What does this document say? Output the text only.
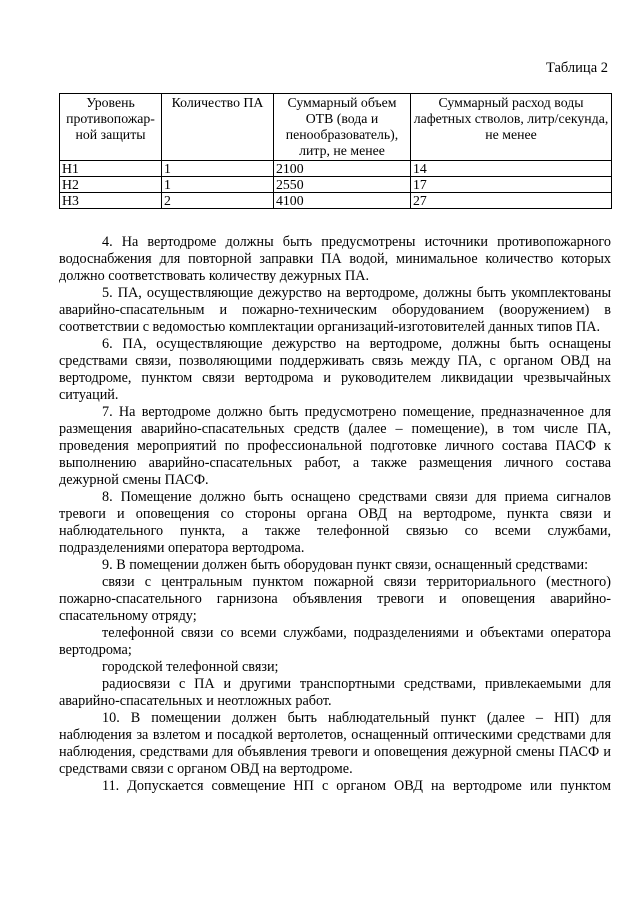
Таблица 2
Уровень противопожар-ной защиты	Количество ПА	Суммарный объем ОТВ (вода и пенообразователь), литр, не менее	Суммарный расход воды лафетных стволов, литр/секунда, не менее
Н1	1	2100	14
Н2	1	2550	17
Н3	2	4100	27

4. На вертодроме должны быть предусмотрены источники противопожарного водоснабжения для повторной заправки ПА водой, минимальное количество которых должно соответствовать количеству дежурных ПА.

5. ПА, осуществляющие дежурство на вертодроме, должны быть укомплектованы аварийно-спасательным и пожарно-техническим оборудованием (вооружением) в соответствии с ведомостью комплектации организаций-изготовителей данных типов ПА.

6. ПА, осуществляющие дежурство на вертодроме, должны быть оснащены средствами связи, позволяющими поддерживать связь между ПА, с органом ОВД на вертодроме, пунктом связи вертодрома и руководителем ликвидации чрезвычайных ситуаций.

7. На вертодроме должно быть предусмотрено помещение, предназначенное для размещения аварийно-спасательных средств (далее – помещение), в том числе ПА, проведения мероприятий по профессиональной подготовке личного состава ПАСФ к выполнению аварийно-спасательных работ, а также размещения личного состава дежурной смены ПАСФ.

8. Помещение должно быть оснащено средствами связи для приема сигналов тревоги и оповещения со стороны органа ОВД на вертодроме, пункта связи и наблюдательного пункта, а также телефонной связью со всеми службами, подразделениями оператора вертодрома.

9. В помещении должен быть оборудован пункт связи, оснащенный средствами:

связи с центральным пунктом пожарной связи территориального (местного) пожарно-спасательного гарнизона объявления тревоги и оповещения аварийно-спасательному отряду;

телефонной связи со всеми службами, подразделениями и объектами оператора вертодрома;

городской телефонной связи;

радиосвязи с ПА и другими транспортными средствами, привлекаемыми для аварийно-спасательных и неотложных работ.

10. В помещении должен быть наблюдательный пункт (далее – НП) для наблюдения за взлетом и посадкой вертолетов, оснащенный оптическими средствами для наблюдения, средствами для объявления тревоги и оповещения дежурной смены ПАСФ и средствами связи с органом ОВД на вертодроме.

11. Допускается совмещение НП с органом ОВД на вертодроме или пунктом
